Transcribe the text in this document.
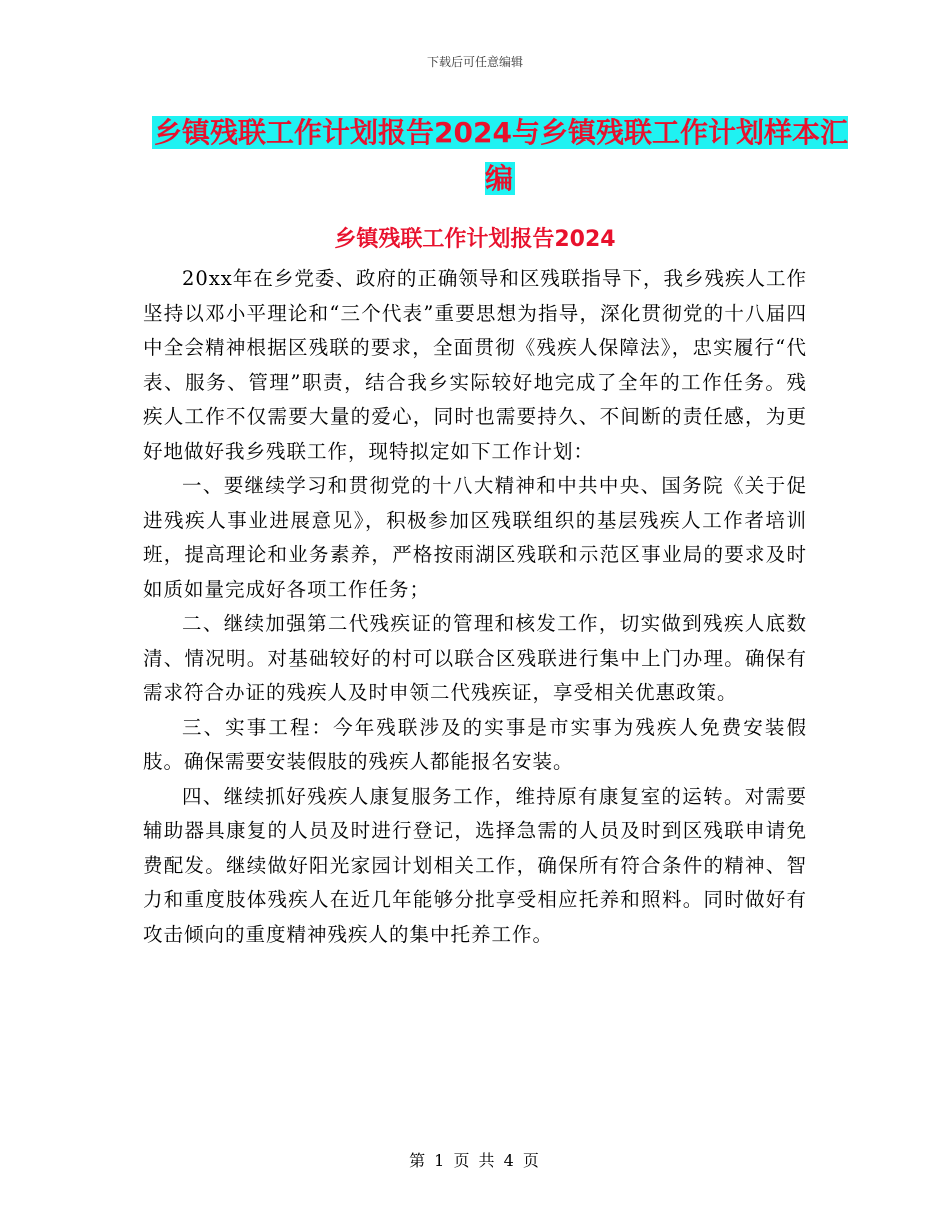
下载后可任意编辑
乡镇残联工作计划报告2024与乡镇残联工作计划样本汇编
乡镇残联工作计划报告2024

20xx年在乡党委、政府的正确领导和区残联指导下，我乡残疾人工作坚持以邓小平理论和“三个代表”重要思想为指导，深化贯彻党的十八届四中全会精神根据区残联的要求，全面贯彻《残疾人保障法》，忠实履行“代表、服务、管理”职责，结合我乡实际较好地完成了全年的工作任务。残疾人工作不仅需要大量的爱心，同时也需要持久、不间断的责任感，为更好地做好我乡残联工作，现特拟定如下工作计划：

一、要继续学习和贯彻党的十八大精神和中共中央、国务院《关于促进残疾人事业进展意见》，积极参加区残联组织的基层残疾人工作者培训班，提高理论和业务素养，严格按雨湖区残联和示范区事业局的要求及时如质如量完成好各项工作任务；

二、继续加强第二代残疾证的管理和核发工作，切实做到残疾人底数清、情况明。对基础较好的村可以联合区残联进行集中上门办理。确保有需求符合办证的残疾人及时申领二代残疾证，享受相关优惠政策。

三、实事工程：今年残联涉及的实事是市实事为残疾人免费安装假肢。确保需要安装假肢的残疾人都能报名安装。

四、继续抓好残疾人康复服务工作，维持原有康复室的运转。对需要辅助器具康复的人员及时进行登记，选择急需的人员及时到区残联申请免费配发。继续做好阳光家园计划相关工作，确保所有符合条件的精神、智力和重度肢体残疾人在近几年能够分批享受相应托养和照料。同时做好有攻击倾向的重度精神残疾人的集中托养工作。

第 1 页 共 4 页
